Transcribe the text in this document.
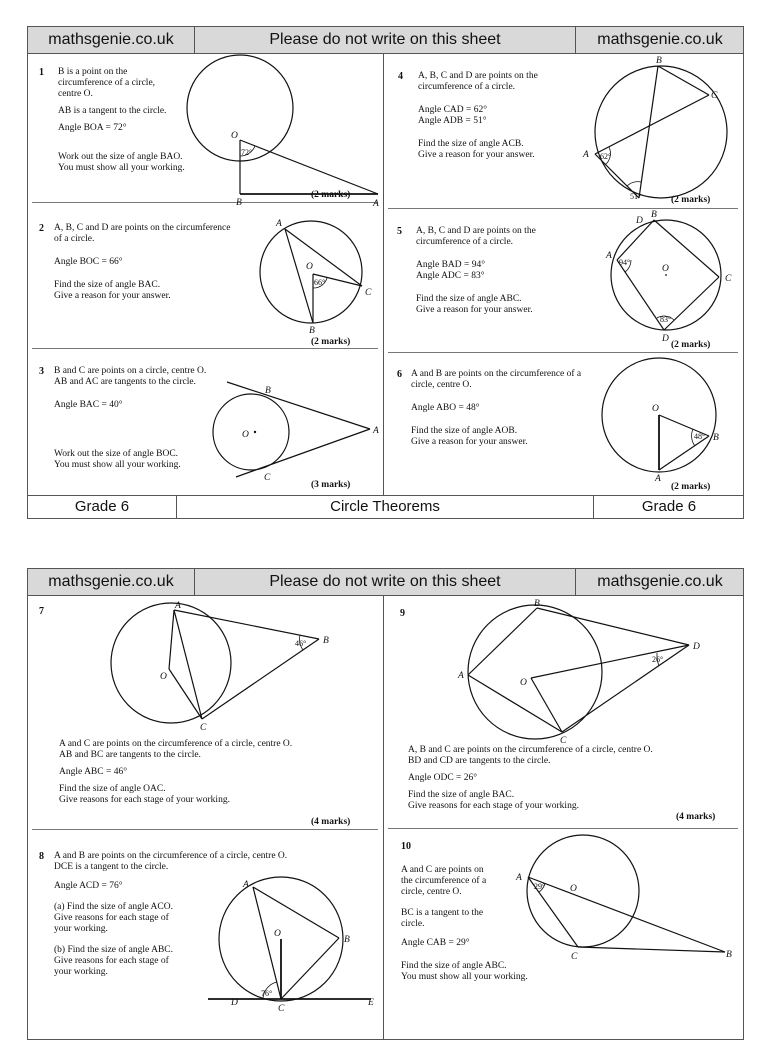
mathsgenie.co.uk	Please do not write on this sheet	mathsgenie.co.uk
1 B is a point on the
circumference of a circle,
centre O.

AB is a tangent to the circle.

Angle BOA = 72°

Work out the size of angle BAO.
You must show all your working.

O
B	A
72°
(2 marks)
2 A, B, C and D are points on the circumference
of a circle.

Angle BOC = 66°

Find the size of angle BAC.
Give a reason for your answer.

A
O
C
B
66°
(2 marks)
3 B and C are points on a circle, centre O.
AB and AC are tangents to the circle.

Angle BAC = 40°

Work out the size of angle BOC.
You must show all your working.

B
O	A
C
(3 marks)
4 A, B, C and D are points on the circumference of a circle.

Angle CAD = 62°
Angle ADB = 51°

Find the size of angle ACB.
Give a reason for your answer.

B
C
A
D
62°
51°	(2 marks)
5 A, B, C and D are points on the
circumference of a circle.

Angle BAD = 94°
Angle ADC = 83°

Find the size of angle ABC.
Give a reason for your answer.

B
A
O
C
D
94°
83°
(2 marks)
6 A and B are points on the circumference of a
circle, centre O.

Angle ABO = 48°

Find the size of angle AOB.
Give a reason for your answer.

O
B
A
48°
(2 marks)
Grade 6	Circle Theorems	Grade 6
mathsgenie.co.uk	Please do not write on this sheet	mathsgenie.co.uk
7	A
O
B
C
46°

A and C are points on the circumference of a circle, centre O.
AB and BC are tangents to the circle.

Angle ABC = 46°

Find the size of angle OAC.
Give reasons for each stage of your working.

(4 marks)
8 A and B are points on the circumference of a circle, centre O.
DCE is a tangent to the circle.

Angle ACD = 76°

(a) Find the size of angle ACO.
Give reasons for each stage of
your working.

(b) Find the size of angle ABC.
Give reasons for each stage of
your working.

A
O
B
D
C
E
76°
9
B
D
A
O
C
26°

A, B and C are points on the circumference of a circle, centre O.
BD and CD are tangents to the circle.

Angle ODC = 26°

Find the size of angle BAC.
Give reasons for each stage of your working.

(4 marks)
10

A and C are points on
the circumference of a
circle, centre O.

BC is a tangent to the
circle.

Angle CAB = 29°

Find the size of angle ABC.
You must show all your working.

A
O
C	B
29°
